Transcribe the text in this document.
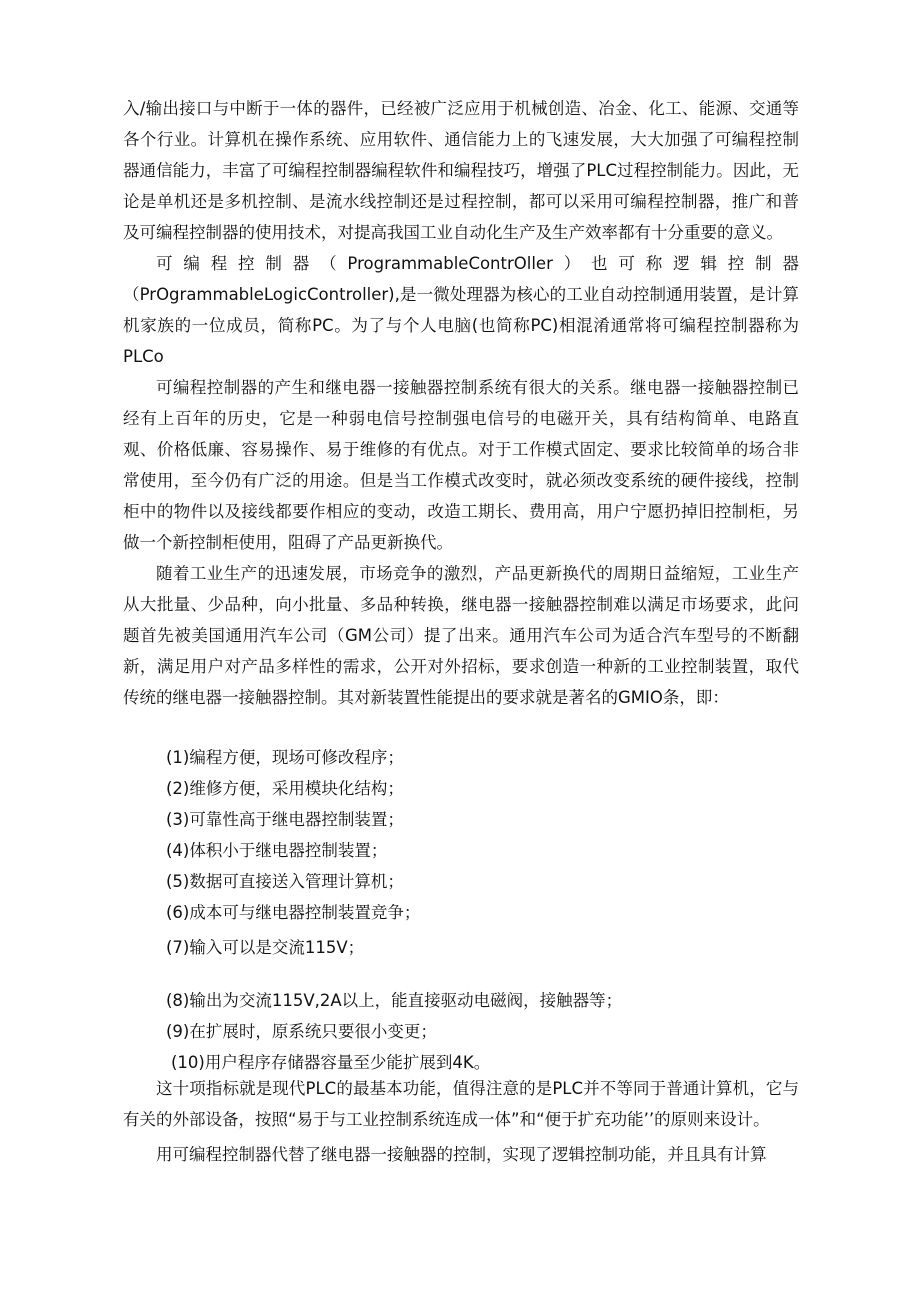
入/输出接口与中断于一体的器件，已经被广泛应用于机械创造、冶金、化工、能源、交通等各个行业。计算机在操作系统、应用软件、通信能力上的飞速发展，大大加强了可编程控制器通信能力，丰富了可编程控制器编程软件和编程技巧，增强了PLC过程控制能力。因此，无论是单机还是多机控制、是流水线控制还是过程控制，都可以采用可编程控制器，推广和普及可编程控制器的使用技术，对提高我国工业自动化生产及生产效率都有十分重要的意义。

可编程控制器（ProgrammableContrOller）也可称逻辑控制器（PrOgrammableLogicController),是一微处理器为核心的工业自动控制通用装置，是计算机家族的一位成员，简称PC。为了与个人电脑(也简称PC)相混淆通常将可编程控制器称为PLCo

可编程控制器的产生和继电器一接触器控制系统有很大的关系。继电器一接触器控制已经有上百年的历史，它是一种弱电信号控制强电信号的电磁开关，具有结构简单、电路直观、价格低廉、容易操作、易于维修的有优点。对于工作模式固定、要求比较简单的场合非常使用，至今仍有广泛的用途。但是当工作模式改变时，就必须改变系统的硬件接线，控制柜中的物件以及接线都要作相应的变动，改造工期长、费用高，用户宁愿扔掉旧控制柜，另做一个新控制柜使用，阻碍了产品更新换代。

随着工业生产的迅速发展，市场竞争的激烈，产品更新换代的周期日益缩短，工业生产从大批量、少品种，向小批量、多品种转换，继电器一接触器控制难以满足市场要求，此问题首先被美国通用汽车公司（GM公司）提了出来。通用汽车公司为适合汽车型号的不断翻新，满足用户对产品多样性的需求，公开对外招标，要求创造一种新的工业控制装置，取代传统的继电器一接触器控制。其对新装置性能提出的要求就是著名的GMIO条，即：

(1)编程方便，现场可修改程序；

(2)维修方便，采用模块化结构；

(3)可靠性高于继电器控制装置；

(4)体积小于继电器控制装置；

(5)数据可直接送入管理计算机；

(6)成本可与继电器控制装置竞争；

(7)输入可以是交流115V；

(8)输出为交流115V,2A以上，能直接驱动电磁阀，接触器等；

(9)在扩展时，原系统只要很小变更；

(10)用户程序存储器容量至少能扩展到4K。

这十项指标就是现代PLC的最基本功能，值得注意的是PLC并不等同于普通计算机，它与有关的外部设备，按照“易于与工业控制系统连成一体”和“便于扩充功能’’的原则来设计。

用可编程控制器代替了继电器一接触器的控制，实现了逻辑控制功能，并且具有计算
